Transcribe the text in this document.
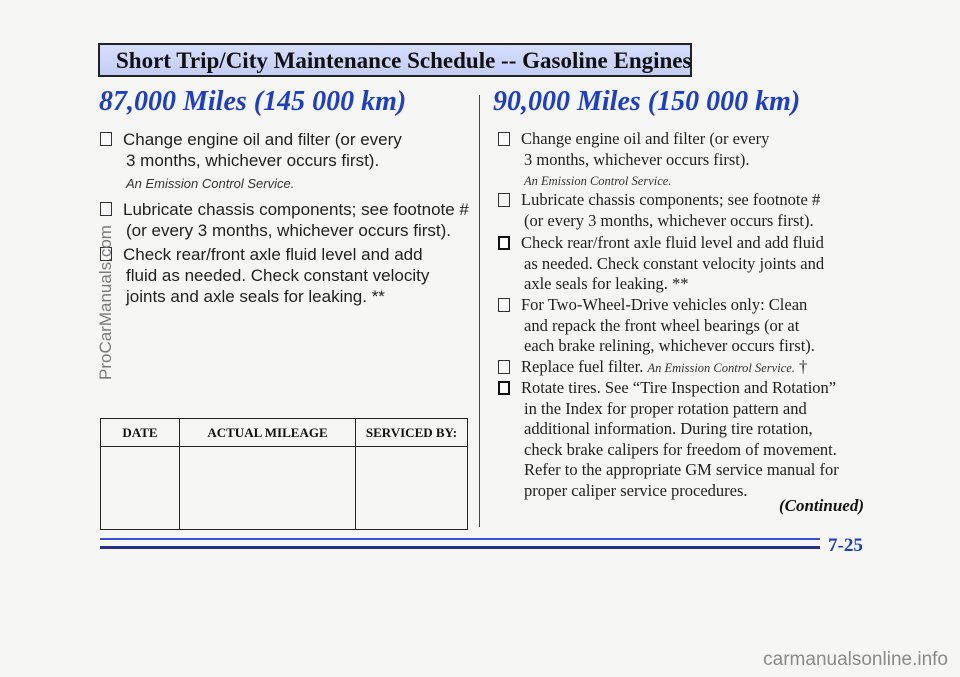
Short Trip/City Maintenance Schedule -- Gasoline Engines
87,000 Miles (145 000 km)
Change engine oil and filter (or every
3 months, whichever occurs first).
An Emission Control Service.
Lubricate chassis components; see footnote #
(or every 3 months, whichever occurs first).
Check rear/front axle fluid level and add
fluid as needed. Check constant velocity
joints and axle seals for leaking. **
DATE	ACTUAL MILEAGE	SERVICED BY:

90,000 Miles (150 000 km)
Change engine oil and filter (or every
3 months, whichever occurs first).
An Emission Control Service.
Lubricate chassis components; see footnote #
(or every 3 months, whichever occurs first).
Check rear/front axle fluid level and add fluid
as needed. Check constant velocity joints and
axle seals for leaking. **
For Two-Wheel-Drive vehicles only: Clean
and repack the front wheel bearings (or at
each brake relining, whichever occurs first).
Replace fuel filter. An Emission Control Service. †
Rotate tires. See “Tire Inspection and Rotation”
in the Index for proper rotation pattern and
additional information. During tire rotation,
check brake calipers for freedom of movement.
Refer to the appropriate GM service manual for
proper caliper service procedures.
(Continued)
7-25
ProCarManuals.com
carmanualsonline.info
